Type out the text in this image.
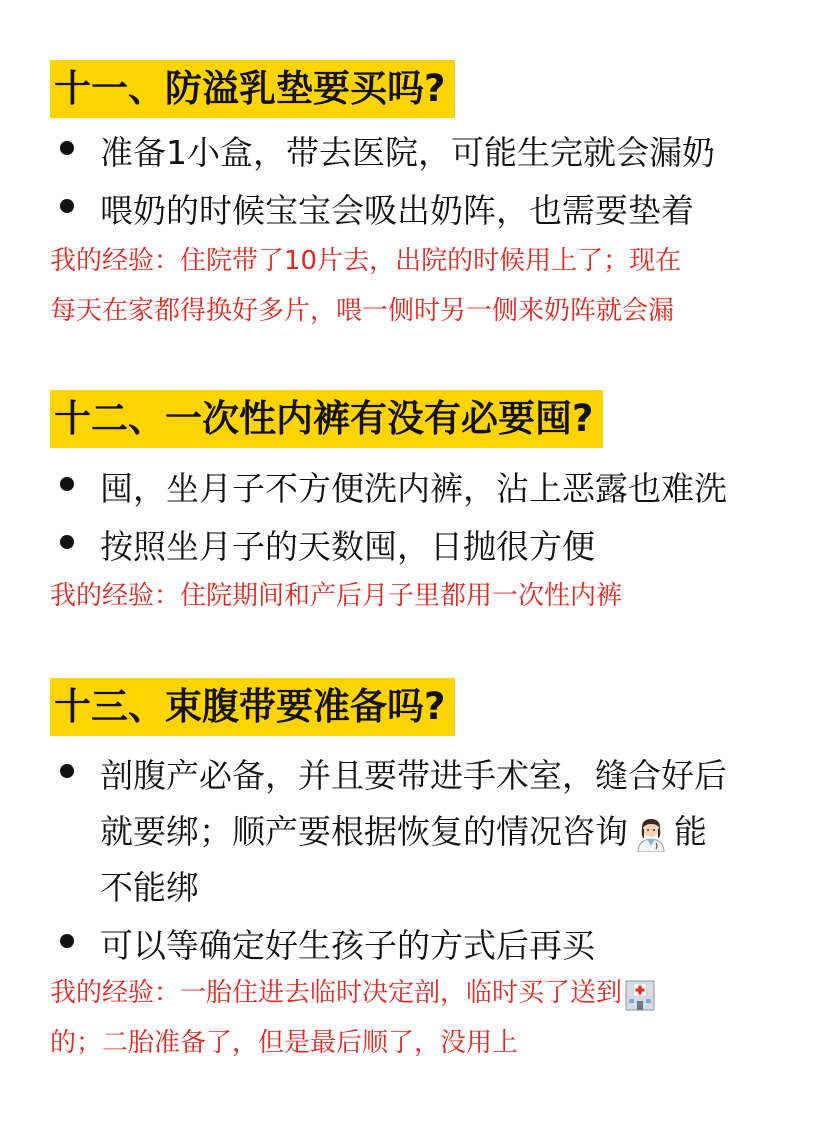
十一、防溢乳垫要买吗?
准备1小盒，带去医院，可能生完就会漏奶
喂奶的时候宝宝会吸出奶阵，也需要垫着
我的经验：住院带了10片去，出院的时候用上了；现在
每天在家都得换好多片，喂一侧时另一侧来奶阵就会漏
十二、一次性内裤有没有必要囤?
囤，坐月子不方便洗内裤，沾上恶露也难洗
按照坐月子的天数囤，日抛很方便
我的经验：住院期间和产后月子里都用一次性内裤
十三、束腹带要准备吗?
剖腹产必备，并且要带进手术室，缝合好后
就要绑；顺产要根据恢复的情况咨询 能
不能绑
可以等确定好生孩子的方式后再买
我的经验：一胎住进去临时决定剖，临时买了送到
的；二胎准备了，但是最后顺了，没用上
